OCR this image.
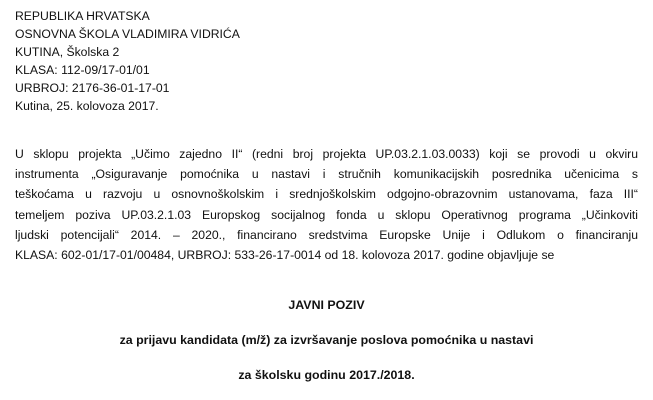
REPUBLIKA HRVATSKA
OSNOVNA ŠKOLA VLADIMIRA VIDRIĆA
KUTINA, Školska 2
KLASA: 112-09/17-01/01
URBROJ: 2176-36-01-17-01
Kutina, 25. kolovoza 2017.
U sklopu projekta „Učimo zajedno II“ (redni broj projekta UP.03.2.1.03.0033) koji se provodi u okviru
instrumenta „Osiguravanje pomoćnika u nastavi i stručnih komunikacijskih posrednika učenicima s
teškoćama u razvoju u osnovnoškolskim i srednjoškolskim odgojno-obrazovnim ustanovama, faza III“
temeljem poziva UP.03.2.1.03 Europskog socijalnog fonda u sklopu Operativnog programa „Učinkoviti
ljudski potencijali“ 2014. – 2020., financirano sredstvima Europske Unije i Odlukom o financiranju
KLASA: 602-01/17-01/00484, URBROJ: 533-26-17-0014 od 18. kolovoza 2017. godine objavljuje se
JAVNI POZIV
za prijavu kandidata (m/ž) za izvršavanje poslova pomoćnika u nastavi
za školsku godinu 2017./2018.
